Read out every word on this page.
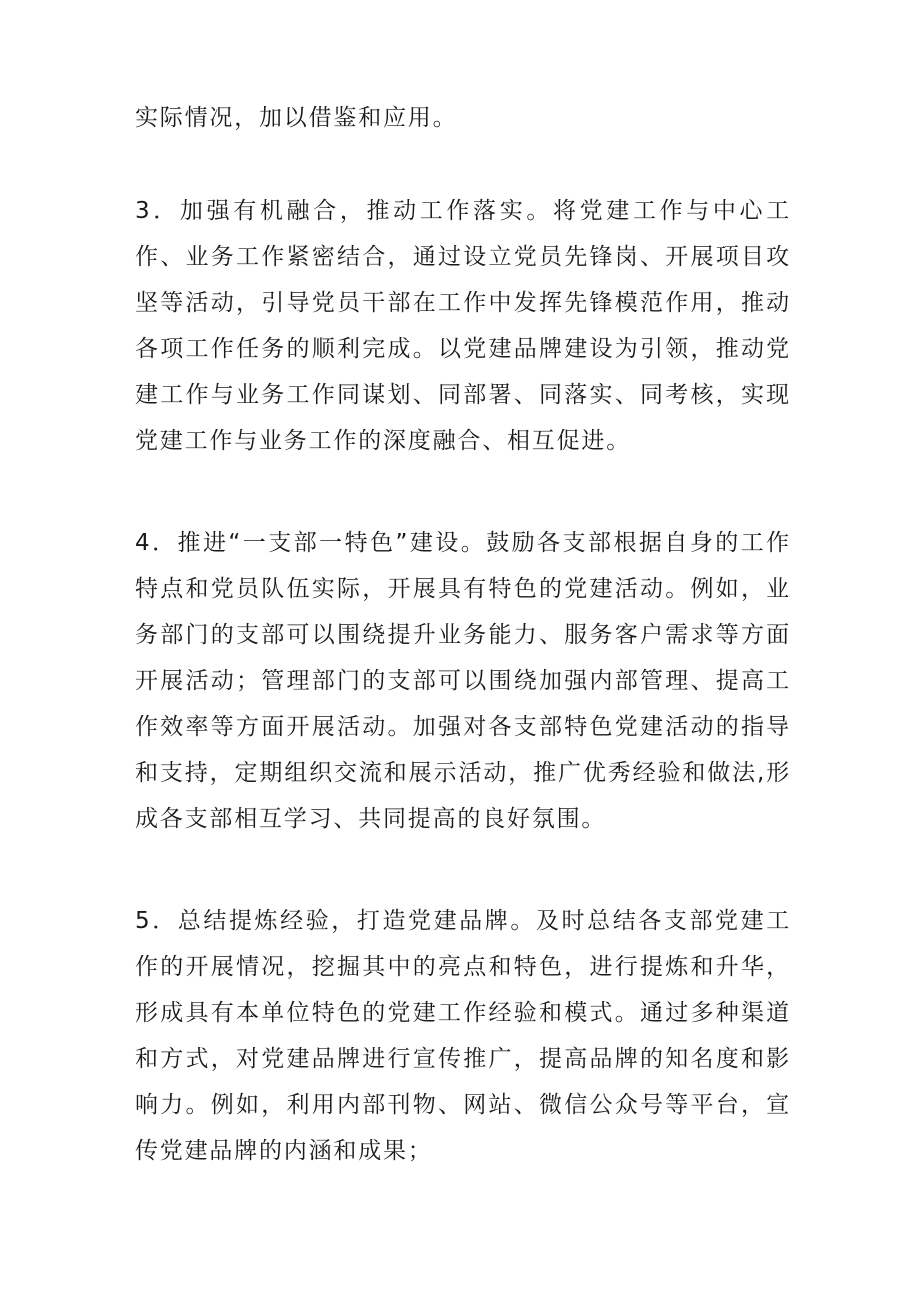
实际情况，加以借鉴和应用。

3．加强有机融合，推动工作落实。将党建工作与中心工作、业务工作紧密结合，通过设立党员先锋岗、开展项目攻坚等活动，引导党员干部在工作中发挥先锋模范作用，推动各项工作任务的顺利完成。以党建品牌建设为引领，推动党建工作与业务工作同谋划、同部署、同落实、同考核，实现党建工作与业务工作的深度融合、相互促进。

4．推进“一支部一特色”建设。鼓励各支部根据自身的工作特点和党员队伍实际，开展具有特色的党建活动。例如，业务部门的支部可以围绕提升业务能力、服务客户需求等方面开展活动；管理部门的支部可以围绕加强内部管理、提高工作效率等方面开展活动。加强对各支部特色党建活动的指导和支持，定期组织交流和展示活动，推广优秀经验和做法,形成各支部相互学习、共同提高的良好氛围。

5．总结提炼经验，打造党建品牌。及时总结各支部党建工作的开展情况，挖掘其中的亮点和特色，进行提炼和升华，形成具有本单位特色的党建工作经验和模式。通过多种渠道和方式，对党建品牌进行宣传推广，提高品牌的知名度和影响力。例如，利用内部刊物、网站、微信公众号等平台，宣传党建品牌的内涵和成果；
